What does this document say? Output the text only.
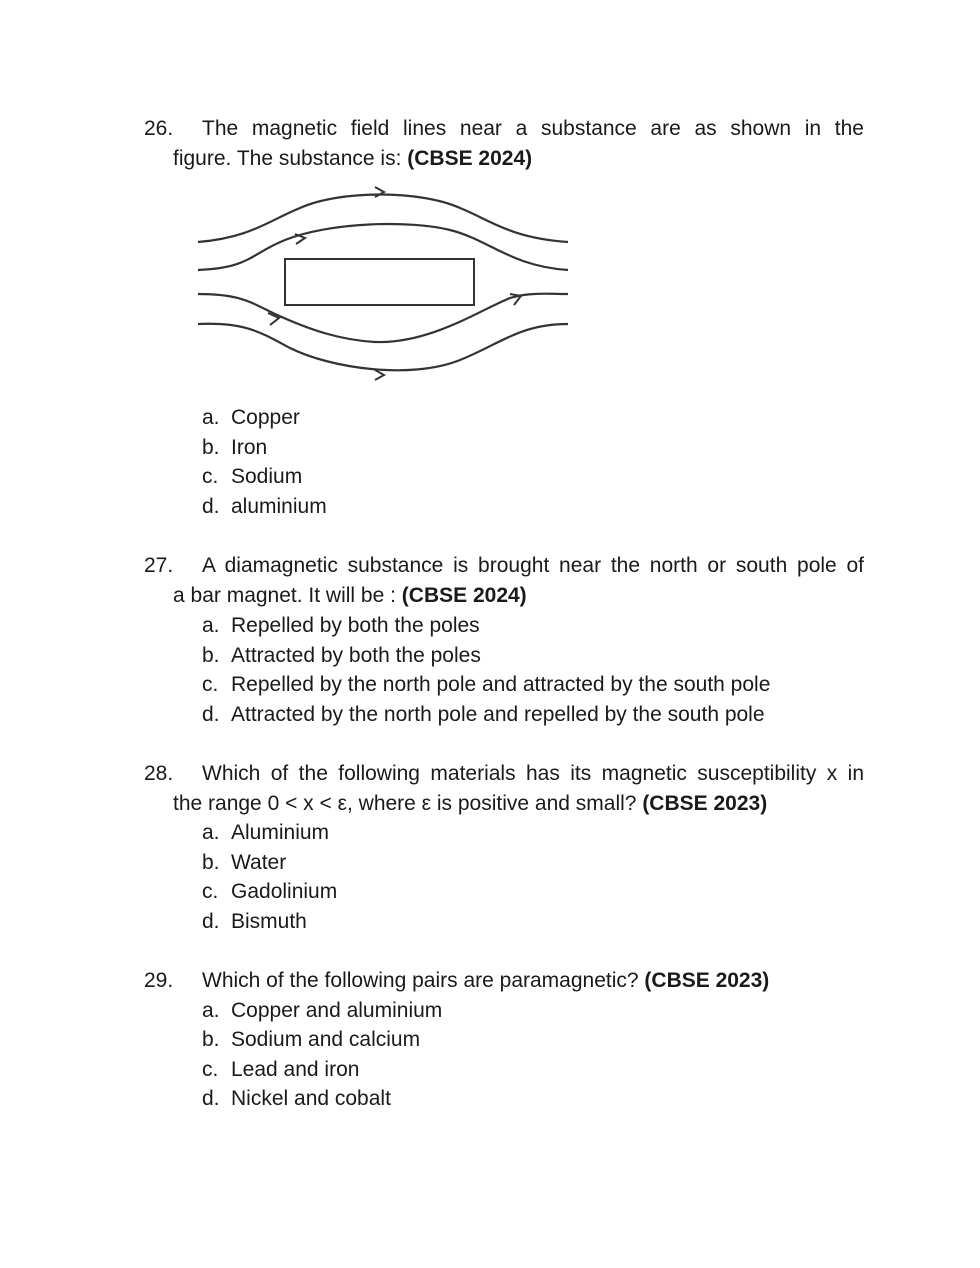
26. The magnetic field lines near a substance are as shown in the
figure. The substance is: (CBSE 2024)
a. Copper
b. Iron
c. Sodium
d. aluminium
27. A diamagnetic substance is brought near the north or south pole of
a bar magnet. It will be : (CBSE 2024)
a. Repelled by both the poles
b. Attracted by both the poles
c. Repelled by the north pole and attracted by the south pole
d. Attracted by the north pole and repelled by the south pole
28. Which of the following materials has its magnetic susceptibility x in
the range 0 < x < ε, where ε is positive and small? (CBSE 2023)
a. Aluminium
b. Water
c. Gadolinium
d. Bismuth
29. Which of the following pairs are paramagnetic? (CBSE 2023)
a. Copper and aluminium
b. Sodium and calcium
c. Lead and iron
d. Nickel and cobalt
